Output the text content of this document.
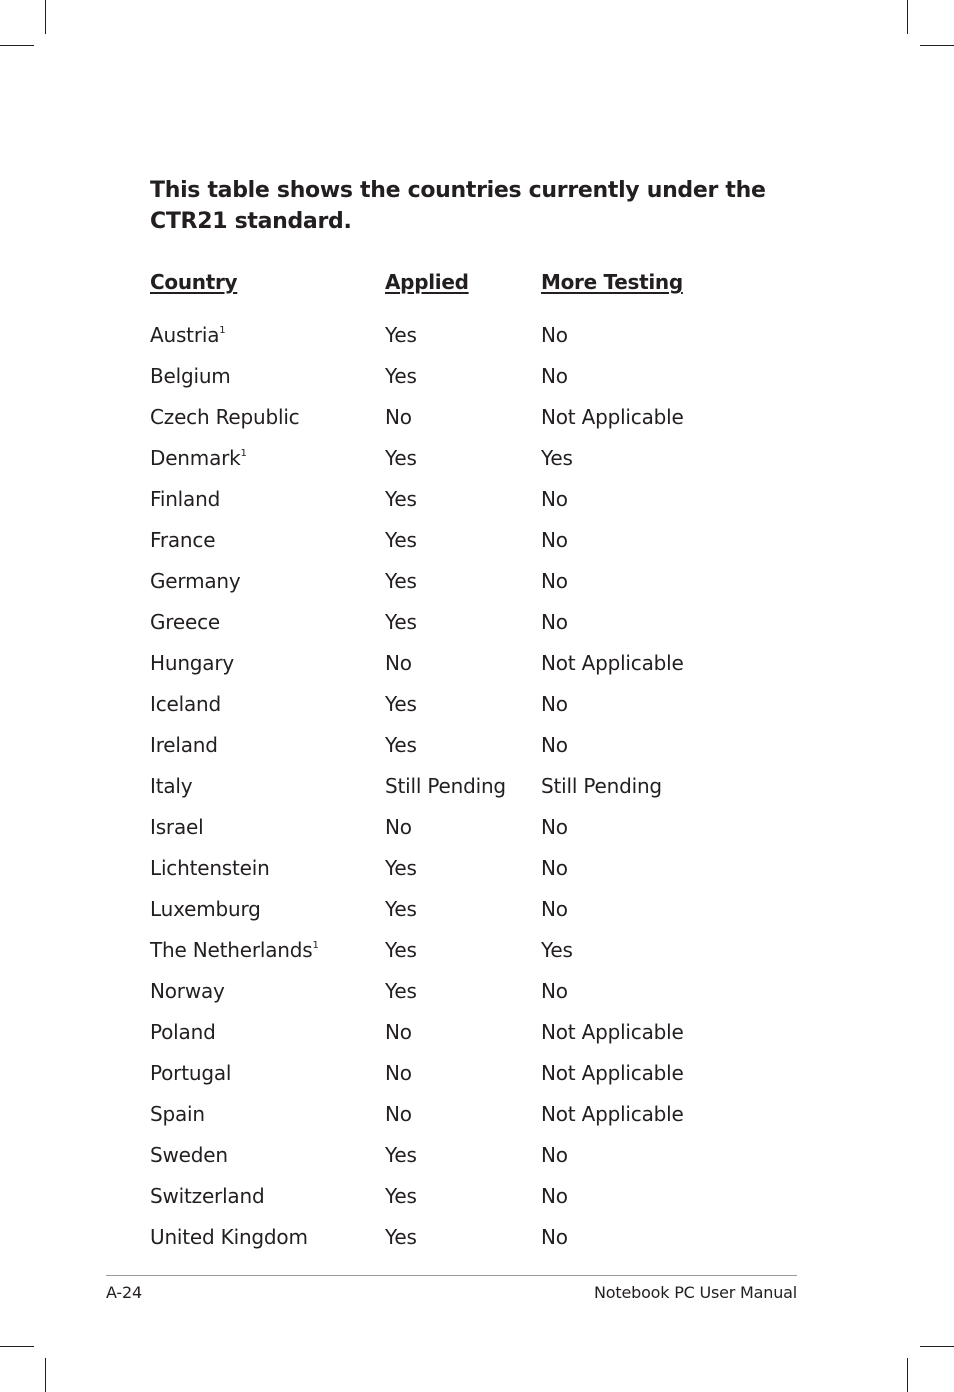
This table shows the countries currently under the CTR21 standard.

Country	Applied	More Testing
Austria$^1$	Yes	No
Belgium	Yes	No
Czech Republic	No	Not Applicable
Denmark$^1$	Yes	Yes
Finland	Yes	No
France	Yes	No
Germany	Yes	No
Greece	Yes	No
Hungary	No	Not Applicable
Iceland	Yes	No
Ireland	Yes	No
Italy	Still Pending	Still Pending
Israel	No	No
Lichtenstein	Yes	No
Luxemburg	Yes	No
The Netherlands$^1$	Yes	Yes
Norway	Yes	No
Poland	No	Not Applicable
Portugal	No	Not Applicable
Spain	No	Not Applicable
Sweden	Yes	No
Switzerland	Yes	No
United Kingdom	Yes	No
A-24	Notebook PC User Manual
